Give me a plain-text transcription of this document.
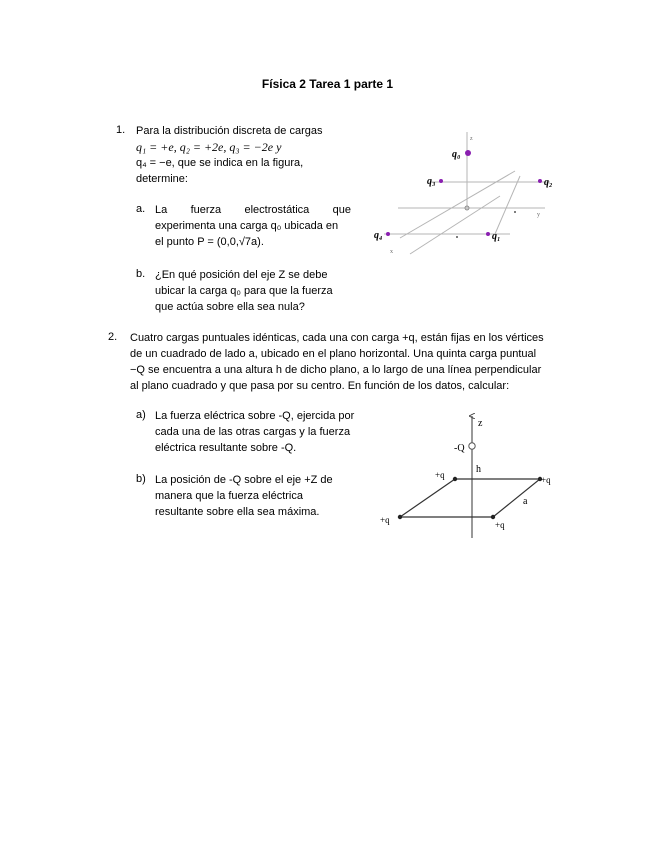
Física 2 Tarea 1 parte 1
1. Para la distribución discreta de cargas
q₁ = +e, q₂ = +2e, q₃ = −2e y
q₄ = −e, que se indica en la figura,
determine:
a. La fuerza electrostática que
experimenta una carga q₀ ubicada en
el punto P = (0,0,√7a).
b. ¿En qué posición del eje Z se debe
ubicar la carga q₀ para que la fuerza
que actúa sobre ella sea nula?
z
y
x
q₀
q₃	q₂
q₄	q₁
2. Cuatro cargas puntuales idénticas, cada una con carga +q, están fijas en los vértices
de un cuadrado de lado a, ubicado en el plano horizontal. Una quinta carga puntual
−Q se encuentra a una altura h de dicho plano, a lo largo de una línea perpendicular
al plano cuadrado y que pasa por su centro. En función de los datos, calcular:
a) La fuerza eléctrica sobre -Q, ejercida por
cada una de las otras cargas y la fuerza
eléctrica resultante sobre -Q.
b) La posición de -Q sobre el eje +Z de
manera que la fuerza eléctrica
resultante sobre ella sea máxima.
z
-Q
h
+q	+q
+q	+q
a
